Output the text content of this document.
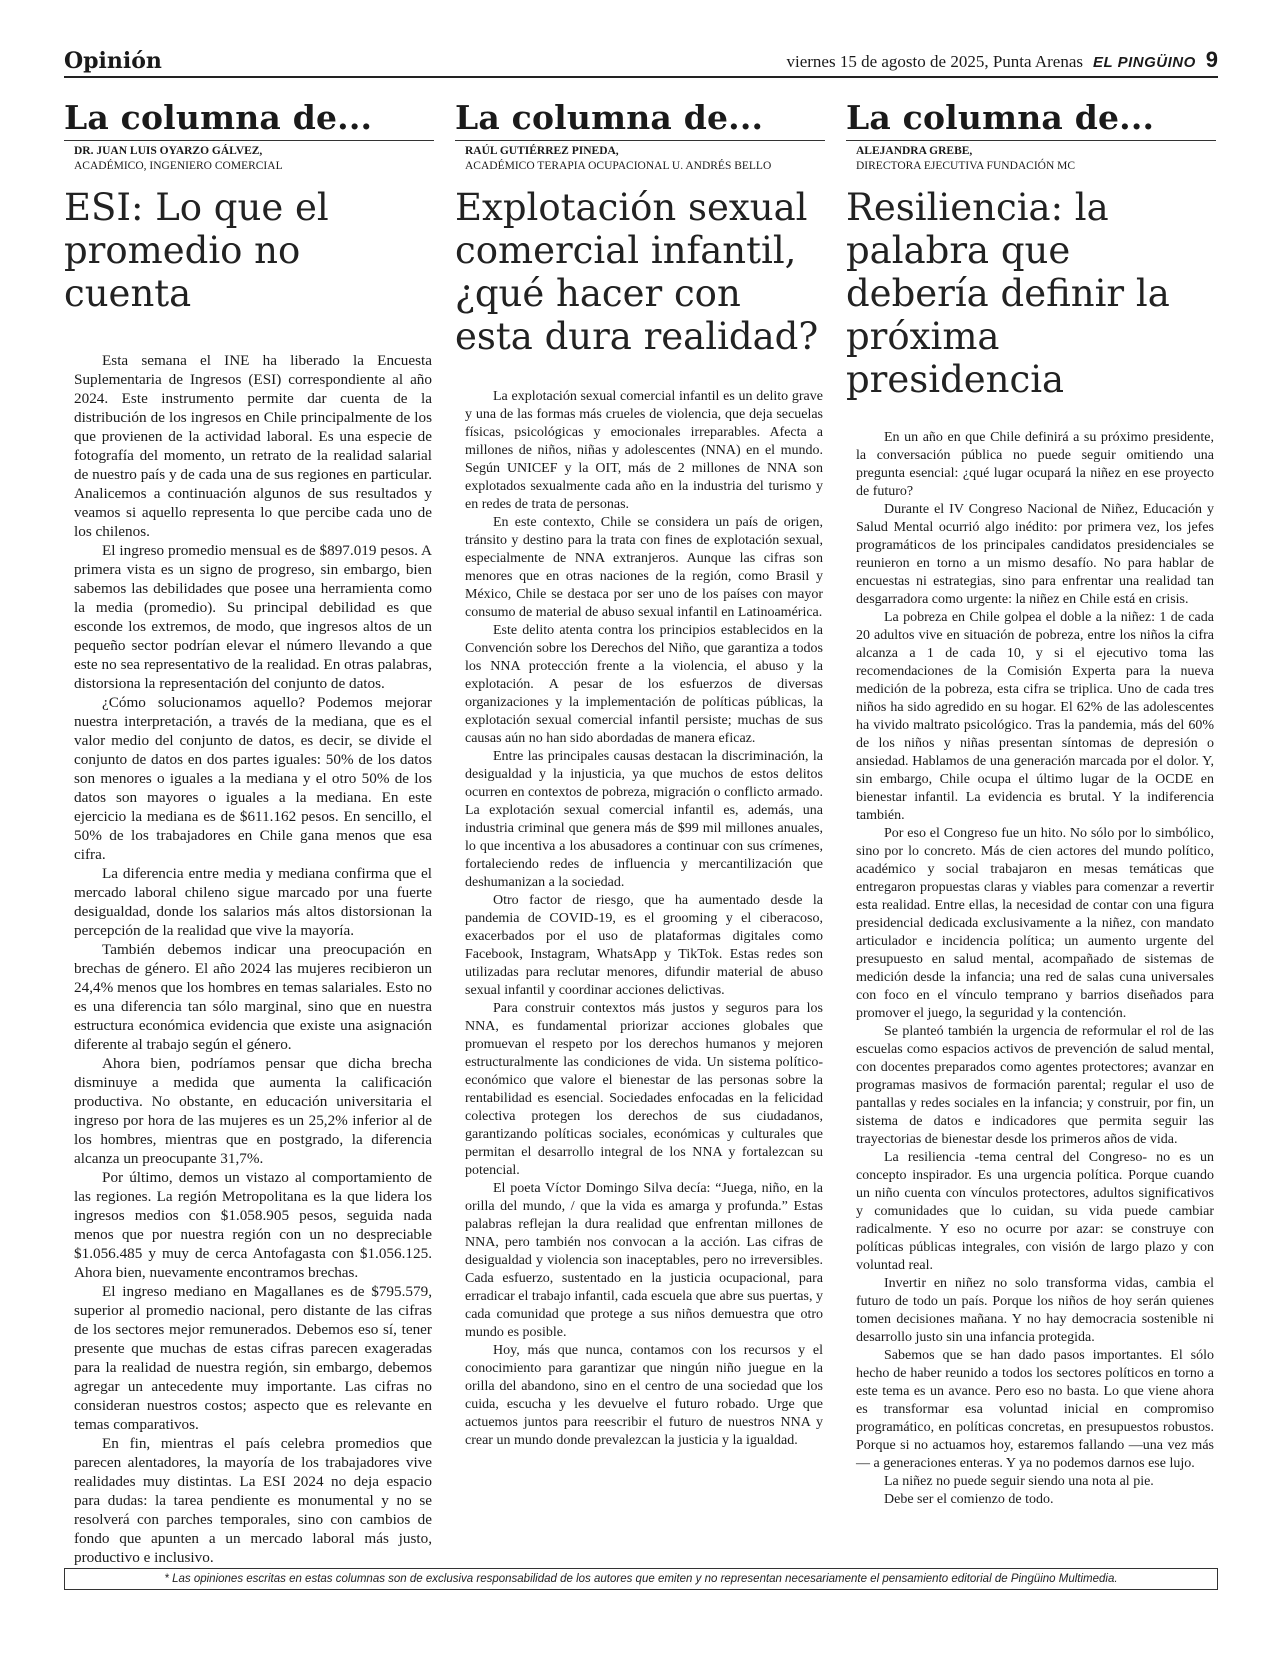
Opinión	viernes 15 de agosto de 2025, Punta Arenas EL PINGÜINO 9
La columna de...
DR. JUAN LUIS OYARZO GÁLVEZ,
ACADÉMICO, INGENIERO COMERCIAL
ESI: Lo que el promedio no cuenta

Esta semana el INE ha liberado la Encuesta Suplementaria de Ingresos (ESI) correspondiente al año 2024. Este instrumento permite dar cuenta de la distribución de los ingresos en Chile principalmente de los que provienen de la actividad laboral. Es una especie de fotografía del momento, un retrato de la realidad salarial de nuestro país y de cada una de sus regiones en particular. Analicemos a continuación algunos de sus resultados y veamos si aquello representa lo que percibe cada uno de los chilenos.

El ingreso promedio mensual es de $897.019 pesos. A primera vista es un signo de progreso, sin embargo, bien sabemos las debilidades que posee una herramienta como la media (promedio). Su principal debilidad es que esconde los extremos, de modo, que ingresos altos de un pequeño sector podrían elevar el número llevando a que este no sea representativo de la realidad. En otras palabras, distorsiona la representación del conjunto de datos.

¿Cómo solucionamos aquello? Podemos mejorar nuestra interpretación, a través de la mediana, que es el valor medio del conjunto de datos, es decir, se divide el conjunto de datos en dos partes iguales: 50% de los datos son menores o iguales a la mediana y el otro 50% de los datos son mayores o iguales a la mediana. En este ejercicio la mediana es de $611.162 pesos. En sencillo, el 50% de los trabajadores en Chile gana menos que esa cifra.

La diferencia entre media y mediana confirma que el mercado laboral chileno sigue marcado por una fuerte desigualdad, donde los salarios más altos distorsionan la percepción de la realidad que vive la mayoría.

También debemos indicar una preocupación en brechas de género. El año 2024 las mujeres recibieron un 24,4% menos que los hombres en temas salariales. Esto no es una diferencia tan sólo marginal, sino que en nuestra estructura económica evidencia que existe una asignación diferente al trabajo según el género.

Ahora bien, podríamos pensar que dicha brecha disminuye a medida que aumenta la calificación productiva. No obstante, en educación universitaria el ingreso por hora de las mujeres es un 25,2% inferior al de los hombres, mientras que en postgrado, la diferencia alcanza un preocupante 31,7%.

Por último, demos un vistazo al comportamiento de las regiones. La región Metropolitana es la que lidera los ingresos medios con $1.058.905 pesos, seguida nada menos que por nuestra región con un no despreciable $1.056.485 y muy de cerca Antofagasta con $1.056.125. Ahora bien, nuevamente encontramos brechas.

El ingreso mediano en Magallanes es de $795.579, superior al promedio nacional, pero distante de las cifras de los sectores mejor remunerados. Debemos eso sí, tener presente que muchas de estas cifras parecen exageradas para la realidad de nuestra región, sin embargo, debemos agregar un antecedente muy importante. Las cifras no consideran nuestros costos; aspecto que es relevante en temas comparativos.

En fin, mientras el país celebra promedios que parecen alentadores, la mayoría de los trabajadores vive realidades muy distintas. La ESI 2024 no deja espacio para dudas: la tarea pendiente es monumental y no se resolverá con parches temporales, sino con cambios de fondo que apunten a un mercado laboral más justo, productivo e inclusivo.

La columna de...
RAÚL GUTIÉRREZ PINEDA,
ACADÉMICO TERAPIA OCUPACIONAL U. ANDRÉS BELLO
Explotación sexual comercial infantil, ¿qué hacer con esta dura realidad?

La explotación sexual comercial infantil es un delito grave y una de las formas más crueles de violencia, que deja secuelas físicas, psicológicas y emocionales irreparables. Afecta a millones de niños, niñas y adolescentes (NNA) en el mundo. Según UNICEF y la OIT, más de 2 millones de NNA son explotados sexualmente cada año en la industria del turismo y en redes de trata de personas.

En este contexto, Chile se considera un país de origen, tránsito y destino para la trata con fines de explotación sexual, especialmente de NNA extranjeros. Aunque las cifras son menores que en otras naciones de la región, como Brasil y México, Chile se destaca por ser uno de los países con mayor consumo de material de abuso sexual infantil en Latinoamérica.

Este delito atenta contra los principios establecidos en la Convención sobre los Derechos del Niño, que garantiza a todos los NNA protección frente a la violencia, el abuso y la explotación. A pesar de los esfuerzos de diversas organizaciones y la implementación de políticas públicas, la explotación sexual comercial infantil persiste; muchas de sus causas aún no han sido abordadas de manera eficaz.

Entre las principales causas destacan la discriminación, la desigualdad y la injusticia, ya que muchos de estos delitos ocurren en contextos de pobreza, migración o conflicto armado. La explotación sexual comercial infantil es, además, una industria criminal que genera más de $99 mil millones anuales, lo que incentiva a los abusadores a continuar con sus crímenes, fortaleciendo redes de influencia y mercantilización que deshumanizan a la sociedad.

Otro factor de riesgo, que ha aumentado desde la pandemia de COVID-19, es el grooming y el ciberacoso, exacerbados por el uso de plataformas digitales como Facebook, Instagram, WhatsApp y TikTok. Estas redes son utilizadas para reclutar menores, difundir material de abuso sexual infantil y coordinar acciones delictivas.

Para construir contextos más justos y seguros para los NNA, es fundamental priorizar acciones globales que promuevan el respeto por los derechos humanos y mejoren estructuralmente las condiciones de vida. Un sistema político-económico que valore el bienestar de las personas sobre la rentabilidad es esencial. Sociedades enfocadas en la felicidad colectiva protegen los derechos de sus ciudadanos, garantizando políticas sociales, económicas y culturales que permitan el desarrollo integral de los NNA y fortalezcan su potencial.

El poeta Víctor Domingo Silva decía: “Juega, niño, en la orilla del mundo, / que la vida es amarga y profunda.” Estas palabras reflejan la dura realidad que enfrentan millones de NNA, pero también nos convocan a la acción. Las cifras de desigualdad y violencia son inaceptables, pero no irreversibles. Cada esfuerzo, sustentado en la justicia ocupacional, para erradicar el trabajo infantil, cada escuela que abre sus puertas, y cada comunidad que protege a sus niños demuestra que otro mundo es posible.

Hoy, más que nunca, contamos con los recursos y el conocimiento para garantizar que ningún niño juegue en la orilla del abandono, sino en el centro de una sociedad que los cuida, escucha y les devuelve el futuro robado. Urge que actuemos juntos para reescribir el futuro de nuestros NNA y crear un mundo donde prevalezcan la justicia y la igualdad.

La columna de...
ALEJANDRA GREBE,
DIRECTORA EJECUTIVA FUNDACIÓN MC
Resiliencia: la palabra que debería definir la próxima presidencia

En un año en que Chile definirá a su próximo presidente, la conversación pública no puede seguir omitiendo una pregunta esencial: ¿qué lugar ocupará la niñez en ese proyecto de futuro?

Durante el IV Congreso Nacional de Niñez, Educación y Salud Mental ocurrió algo inédito: por primera vez, los jefes programáticos de los principales candidatos presidenciales se reunieron en torno a un mismo desafío. No para hablar de encuestas ni estrategias, sino para enfrentar una realidad tan desgarradora como urgente: la niñez en Chile está en crisis.

La pobreza en Chile golpea el doble a la niñez: 1 de cada 20 adultos vive en situación de pobreza, entre los niños la cifra alcanza a 1 de cada 10, y si el ejecutivo toma las recomendaciones de la Comisión Experta para la nueva medición de la pobreza, esta cifra se triplica. Uno de cada tres niños ha sido agredido en su hogar. El 62% de las adolescentes ha vivido maltrato psicológico. Tras la pandemia, más del 60% de los niños y niñas presentan síntomas de depresión o ansiedad. Hablamos de una generación marcada por el dolor. Y, sin embargo, Chile ocupa el último lugar de la OCDE en bienestar infantil. La evidencia es brutal. Y la indiferencia también.

Por eso el Congreso fue un hito. No sólo por lo simbólico, sino por lo concreto. Más de cien actores del mundo político, académico y social trabajaron en mesas temáticas que entregaron propuestas claras y viables para comenzar a revertir esta realidad. Entre ellas, la necesidad de contar con una figura presidencial dedicada exclusivamente a la niñez, con mandato articulador e incidencia política; un aumento urgente del presupuesto en salud mental, acompañado de sistemas de medición desde la infancia; una red de salas cuna universales con foco en el vínculo temprano y barrios diseñados para promover el juego, la seguridad y la contención.

Se planteó también la urgencia de reformular el rol de las escuelas como espacios activos de prevención de salud mental, con docentes preparados como agentes protectores; avanzar en programas masivos de formación parental; regular el uso de pantallas y redes sociales en la infancia; y construir, por fin, un sistema de datos e indicadores que permita seguir las trayectorias de bienestar desde los primeros años de vida.

La resiliencia -tema central del Congreso- no es un concepto inspirador. Es una urgencia política. Porque cuando un niño cuenta con vínculos protectores, adultos significativos y comunidades que lo cuidan, su vida puede cambiar radicalmente. Y eso no ocurre por azar: se construye con políticas públicas integrales, con visión de largo plazo y con voluntad real.

Invertir en niñez no solo transforma vidas, cambia el futuro de todo un país. Porque los niños de hoy serán quienes tomen decisiones mañana. Y no hay democracia sostenible ni desarrollo justo sin una infancia protegida.

Sabemos que se han dado pasos importantes. El sólo hecho de haber reunido a todos los sectores políticos en torno a este tema es un avance. Pero eso no basta. Lo que viene ahora es transformar esa voluntad inicial en compromiso programático, en políticas concretas, en presupuestos robustos. Porque si no actuamos hoy, estaremos fallando —una vez más— a generaciones enteras. Y ya no podemos darnos ese lujo.

La niñez no puede seguir siendo una nota al pie.

Debe ser el comienzo de todo.

* Las opiniones escritas en estas columnas son de exclusiva responsabilidad de los autores que emiten y no representan necesariamente el pensamiento editorial de Pingüino Multimedia.
